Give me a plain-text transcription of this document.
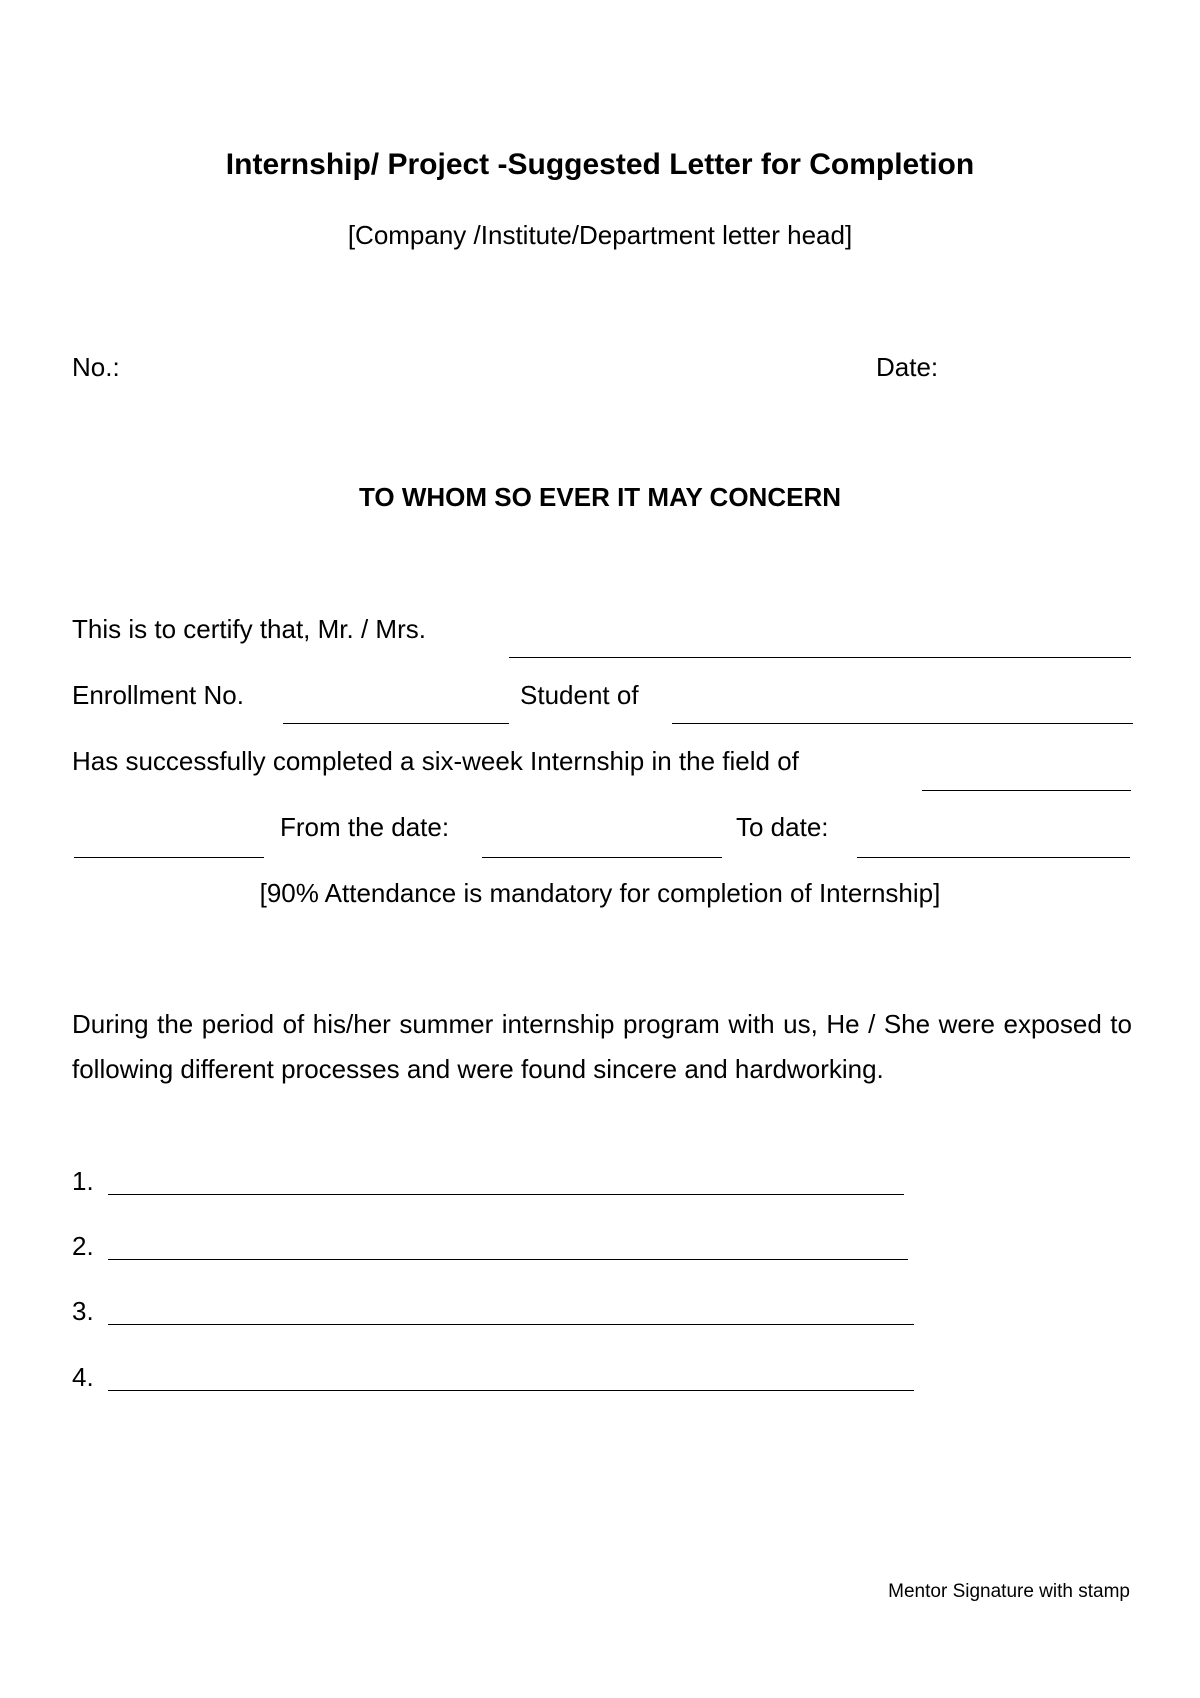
Internship/ Project -Suggested Letter for Completion
[Company /Institute/Department letter head]
No.:	Date:
TO WHOM SO EVER IT MAY CONCERN
This is to certify that, Mr. / Mrs.
Enrollment No.	Student of
Has successfully completed a six-week Internship in the field of
From the date:	To date:
[90% Attendance is mandatory for completion of Internship]
During the period of his/her summer internship program with us, He / She were exposed to following different processes and were found sincere and hardworking.
1.
2.
3.
4.
Mentor Signature with stamp
